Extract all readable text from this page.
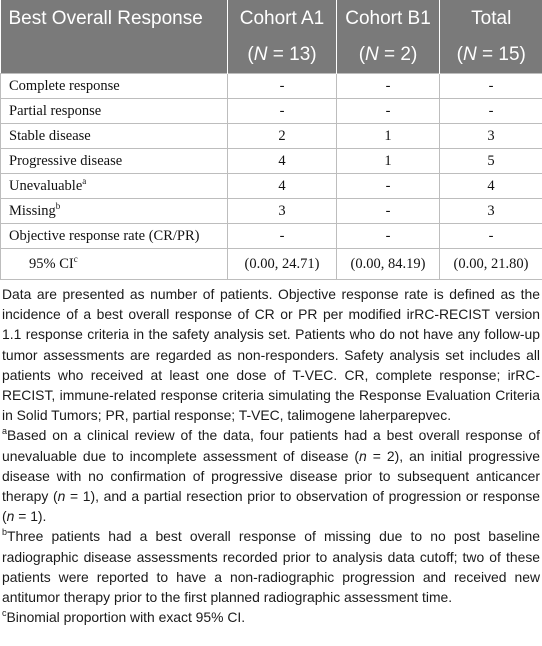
Best Overall Response	Cohort A1	Cohort B1	Total
	(N = 13)	(N = 2)	(N = 15)
Complete response	-	-	-
Partial response	-	-	-
Stable disease	2	1	3
Progressive disease	4	1	5
Unevaluable$^a$	4	-	4
Missing$^b$	3	-	3
Objective response rate (CR/PR)	-	-	-
95% $CI^c$	(0.00, 24.71)	(0.00, 84.19)	(0.00, 21.80)

Data are presented as number of patients. Objective response rate is defined as the incidence of a best overall response of CR or PR per modified irRC-RECIST version 1.1 response criteria in the safety analysis set. Patients who do not have any follow-up tumor assessments are regarded as non-responders. Safety analysis set includes all patients who received at least one dose of T-VEC. CR, complete response; irRC-RECIST, immune-related response criteria simulating the Response Evaluation Criteria in Solid Tumors; PR, partial response; T-VEC, talimogene laherparepvec.

$^a$Based on a clinical review of the data, four patients had a best overall response of unevaluable due to incomplete assessment of disease (n = 2), an initial progressive disease with no confirmation of progressive disease prior to subsequent anticancer therapy (n = 1), and a partial resection prior to observation of progression or response (n = 1).

$^b$Three patients had a best overall response of missing due to no post baseline radiographic disease assessments recorded prior to analysis data cutoff; two of these patients were reported to have a non-radiographic progression and received new antitumor therapy prior to the first planned radiographic assessment time.

$^c$Binomial proportion with exact 95% CI.
